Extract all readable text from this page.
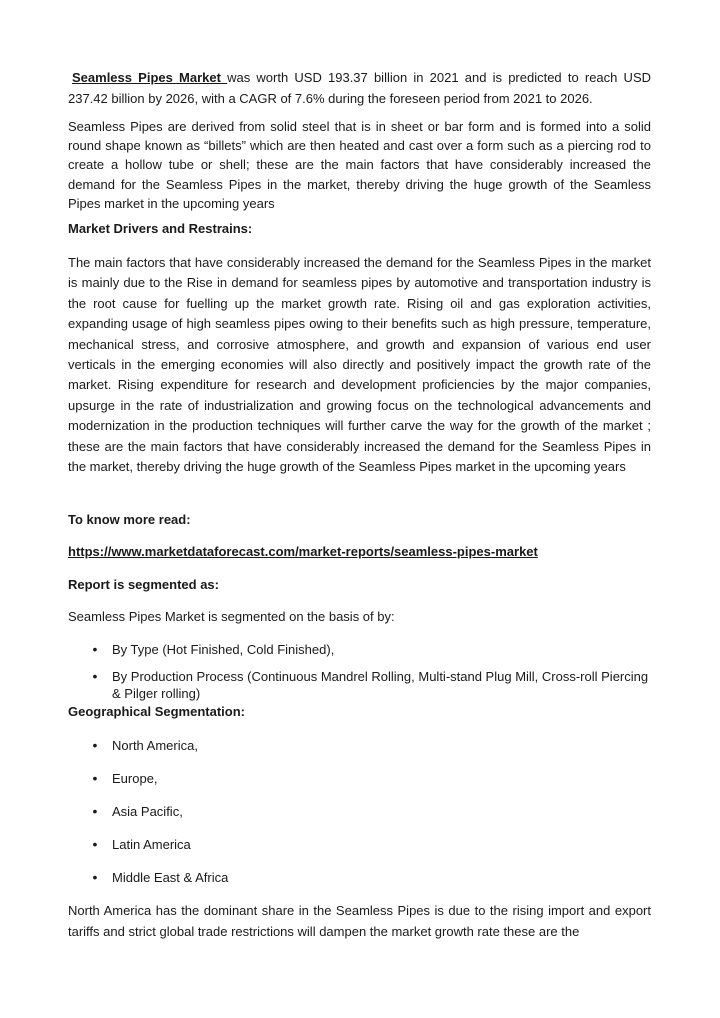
Seamless Pipes Market was worth USD 193.37 billion in 2021 and is predicted to reach USD 237.42 billion by 2026, with a CAGR of 7.6% during the foreseen period from 2021 to 2026.

Seamless Pipes are derived from solid steel that is in sheet or bar form and is formed into a solid round shape known as “billets” which are then heated and cast over a form such as a piercing rod to create a hollow tube or shell; these are the main factors that have considerably increased the demand for the Seamless Pipes in the market, thereby driving the huge growth of the Seamless Pipes market in the upcoming years

Market Drivers and Restrains:

The main factors that have considerably increased the demand for the Seamless Pipes in the market is mainly due to the Rise in demand for seamless pipes by automotive and transportation industry is the root cause for fuelling up the market growth rate. Rising oil and gas exploration activities, expanding usage of high seamless pipes owing to their benefits such as high pressure, temperature, mechanical stress, and corrosive atmosphere, and growth and expansion of various end user verticals in the emerging economies will also directly and positively impact the growth rate of the market. Rising expenditure for research and development proficiencies by the major companies, upsurge in the rate of industrialization and growing focus on the technological advancements and modernization in the production techniques will further carve the way for the growth of the market ; these are the main factors that have considerably increased the demand for the Seamless Pipes in the market, thereby driving the huge growth of the Seamless Pipes market in the upcoming years

To know more read:

https://www.marketdataforecast.com/market-reports/seamless-pipes-market

Report is segmented as:

Seamless Pipes Market is segmented on the basis of by:

•	By Type (Hot Finished, Cold Finished),
•	By Production Process (Continuous Mandrel Rolling, Multi-stand Plug Mill, Cross-roll Piercing & Pilger rolling)

Geographical Segmentation:

•	North America,
•	Europe,
•	Asia Pacific,
•	Latin America
•	Middle East & Africa

North America has the dominant share in the Seamless Pipes is due to the rising import and export tariffs and strict global trade restrictions will dampen the market growth rate these are the
